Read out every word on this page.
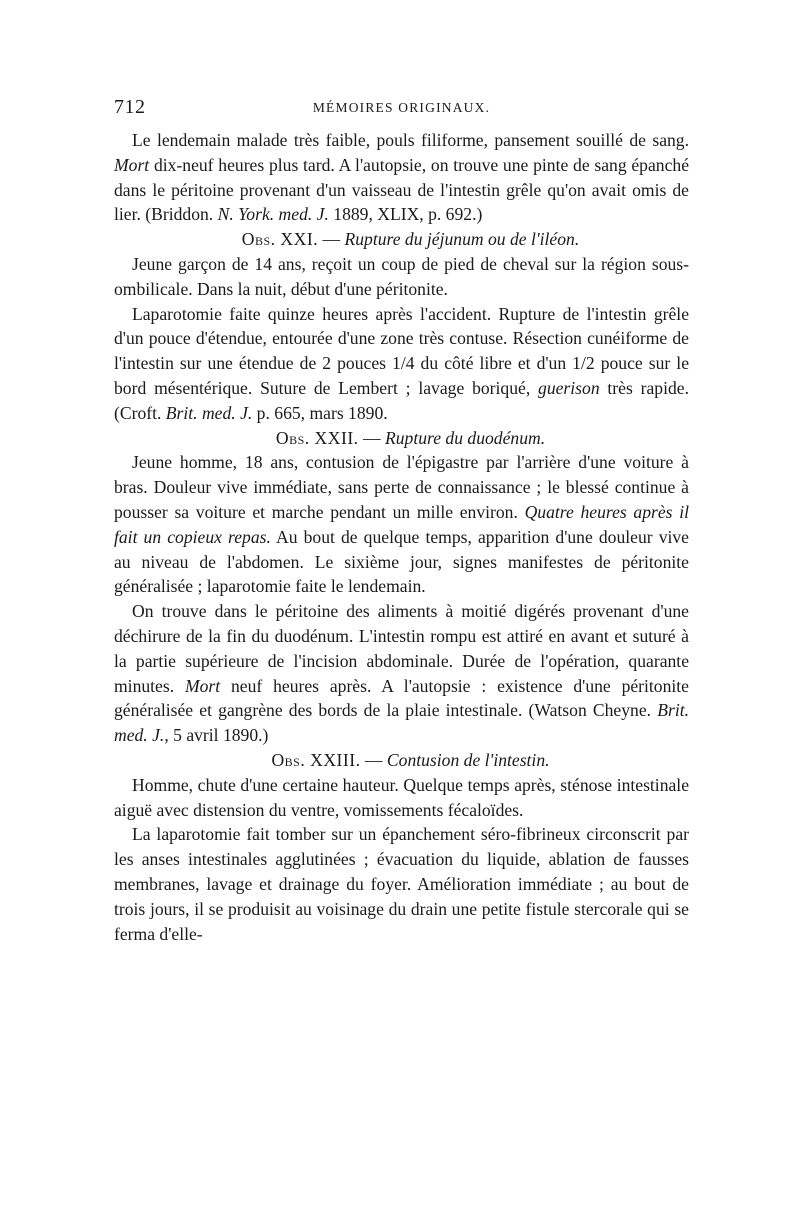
712	MÉMOIRES ORIGINAUX.

Le lendemain malade très faible, pouls filiforme, pansement souillé de sang. Mort dix-neuf heures plus tard. A l'autopsie, on trouve une pinte de sang épanché dans le péritoine provenant d'un vaisseau de l'intestin grêle qu'on avait omis de lier. (Briddon. N. York. med. J. 1889, XLIX, p. 692.)

Obs. XXI. — Rupture du jéjunum ou de l'iléon.

Jeune garçon de 14 ans, reçoit un coup de pied de cheval sur la région sous-ombilicale. Dans la nuit, début d'une péritonite.

Laparotomie faite quinze heures après l'accident. Rupture de l'intestin grêle d'un pouce d'étendue, entourée d'une zone très contuse. Résection cunéiforme de l'intestin sur une étendue de 2 pouces 1/4 du côté libre et d'un 1/2 pouce sur le bord mésentérique. Suture de Lembert ; lavage boriqué, guerison très rapide. (Croft. Brit. med. J. p. 665, mars 1890.

Obs. XXII. — Rupture du duodénum.

Jeune homme, 18 ans, contusion de l'épigastre par l'arrière d'une voiture à bras. Douleur vive immédiate, sans perte de connaissance ; le blessé continue à pousser sa voiture et marche pendant un mille environ. Quatre heures après il fait un copieux repas. Au bout de quelque temps, apparition d'une douleur vive au niveau de l'abdomen. Le sixième jour, signes manifestes de péritonite généralisée ; laparotomie faite le lendemain.

On trouve dans le péritoine des aliments à moitié digérés provenant d'une déchirure de la fin du duodénum. L'intestin rompu est attiré en avant et suturé à la partie supérieure de l'incision abdominale. Durée de l'opération, quarante minutes. Mort neuf heures après. A l'autopsie : existence d'une péritonite généralisée et gangrène des bords de la plaie intestinale. (Watson Cheyne. Brit. med. J., 5 avril 1890.)

Obs. XXIII. — Contusion de l'intestin.

Homme, chute d'une certaine hauteur. Quelque temps après, sténose intestinale aiguë avec distension du ventre, vomissements fécaloïdes.

La laparotomie fait tomber sur un épanchement séro-fibrineux circonscrit par les anses intestinales agglutinées ; évacuation du liquide, ablation de fausses membranes, lavage et drainage du foyer. Amélioration immédiate ; au bout de trois jours, il se produisit au voisinage du drain une petite fistule stercorale qui se ferma d'elle-
